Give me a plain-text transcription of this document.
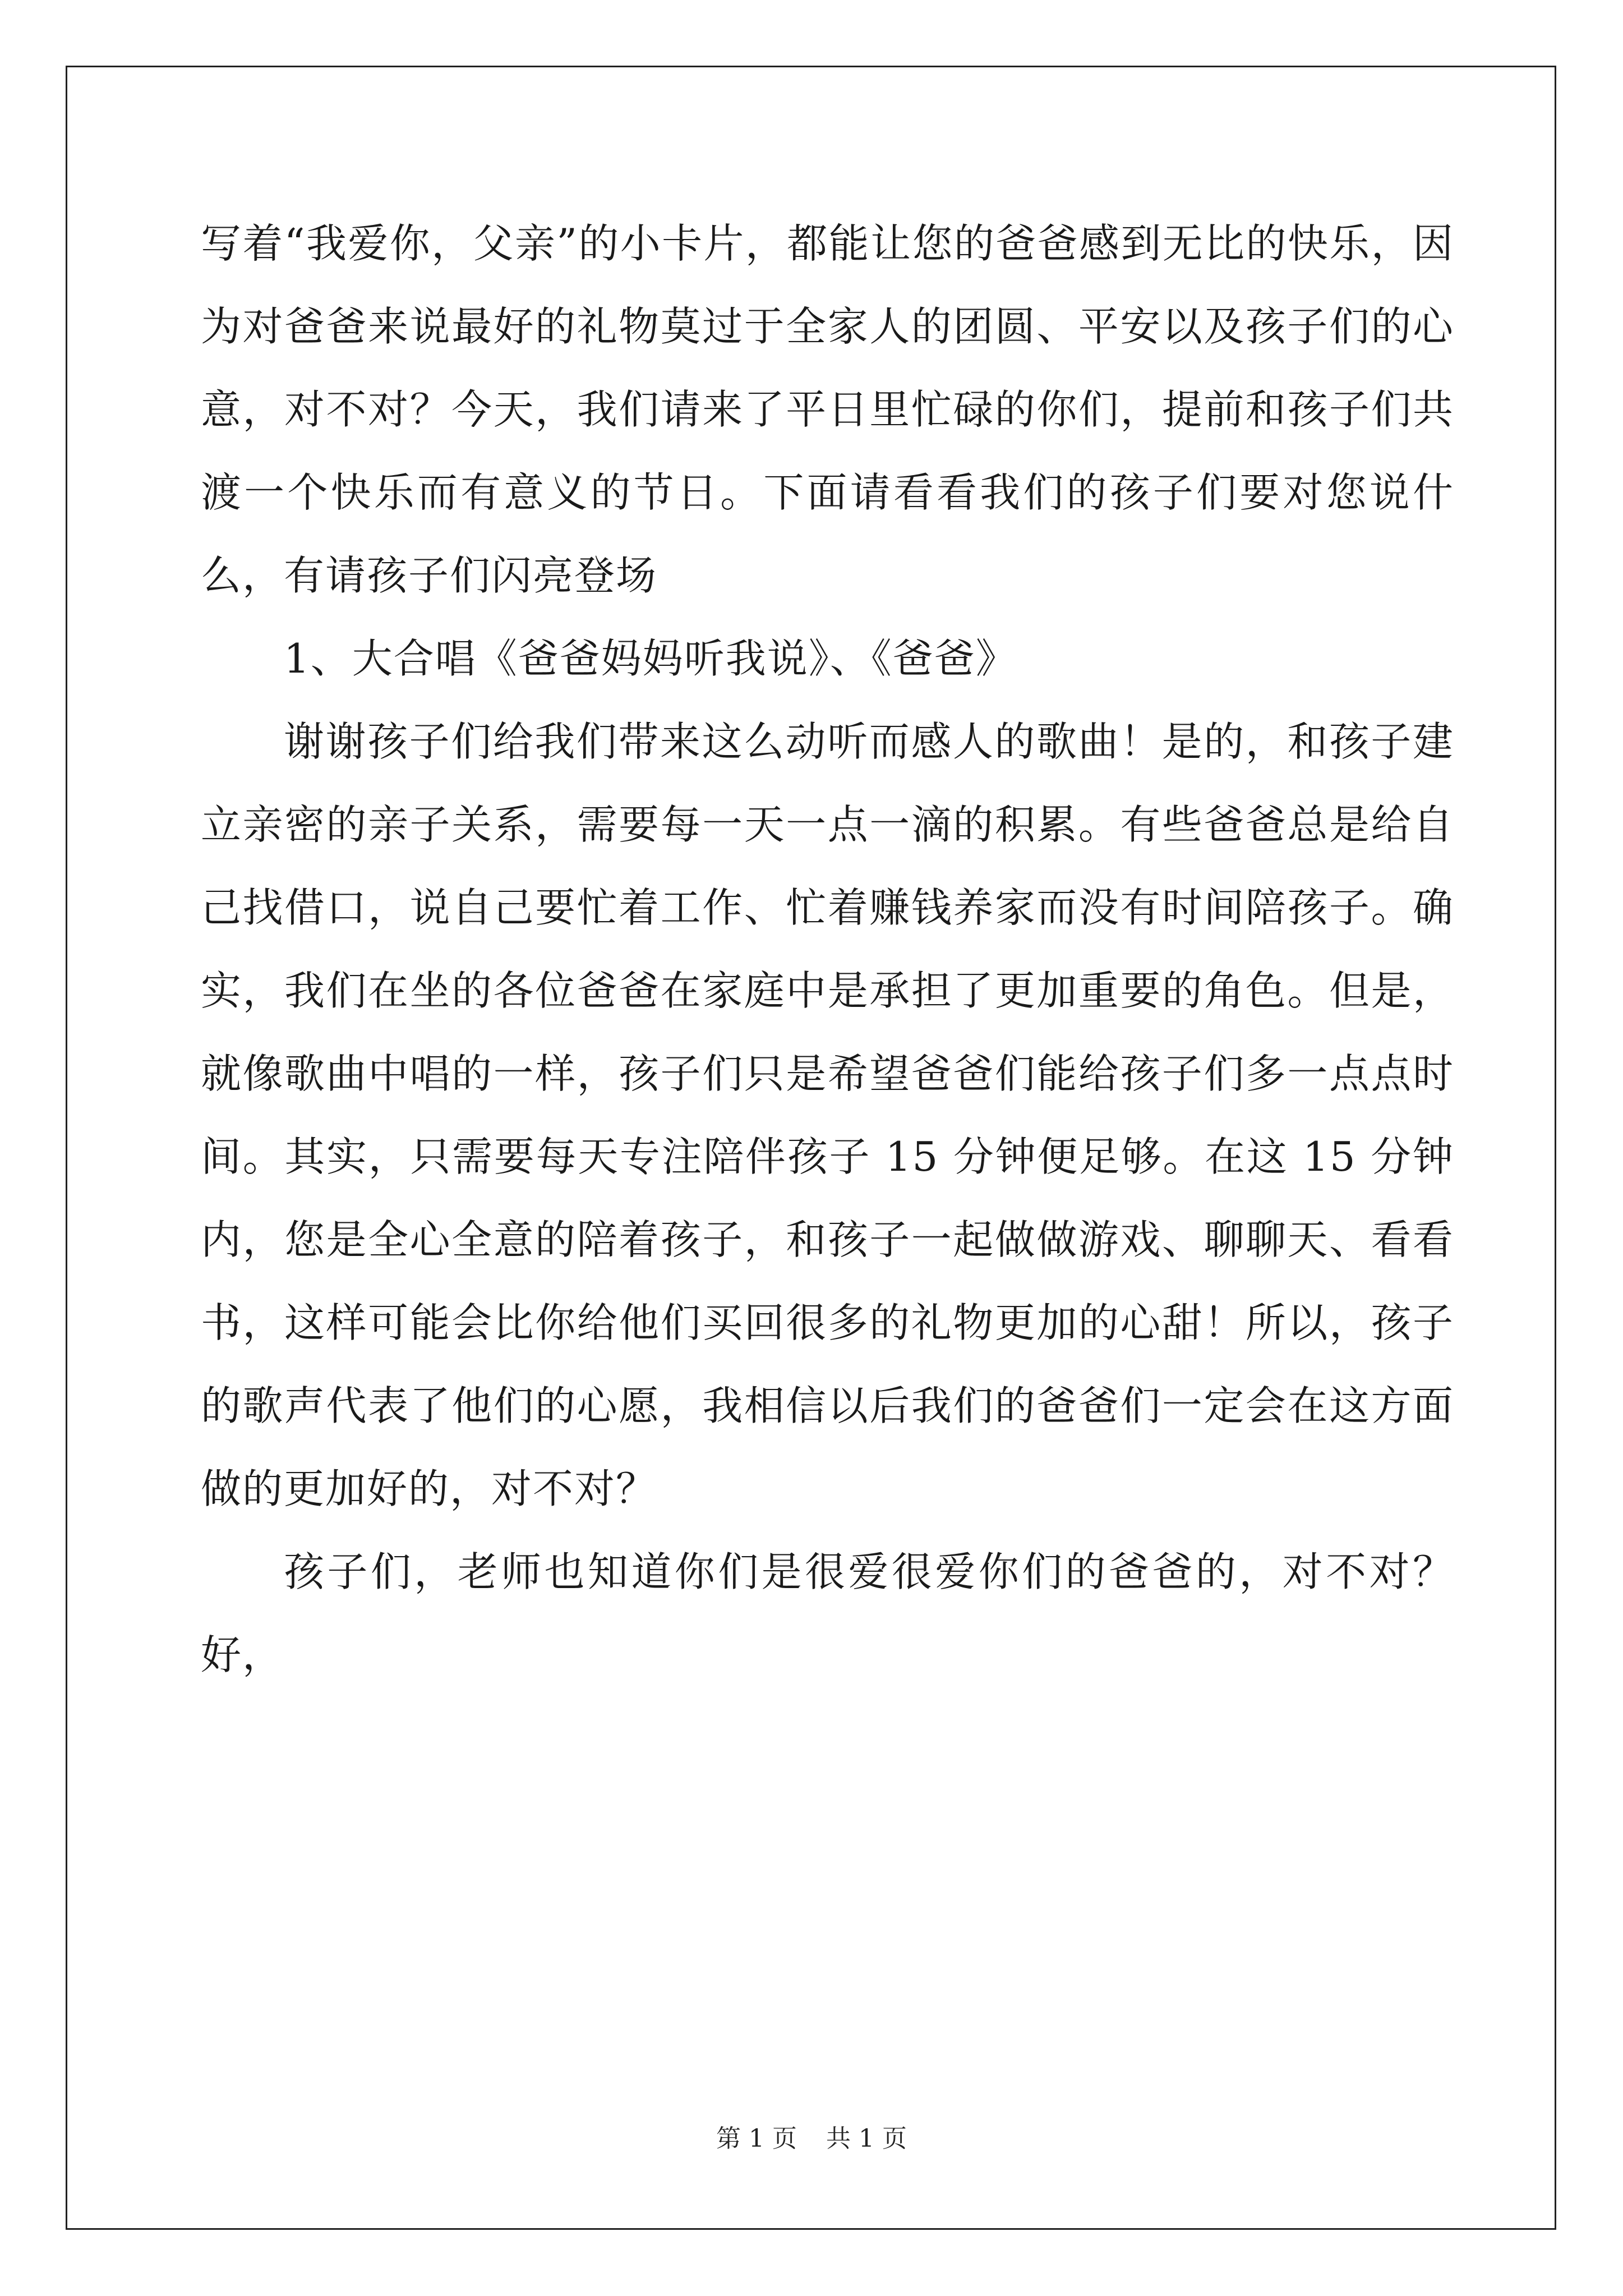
写着“我爱你，父亲”的小卡片，都能让您的爸爸感到无比的快乐，因为对爸爸来说最好的礼物莫过于全家人的团圆、平安以及孩子们的心意，对不对？今天，我们请来了平日里忙碌的你们，提前和孩子们共渡一个快乐而有意义的节日。下面请看看我们的孩子们要对您说什么，有请孩子们闪亮登场

1、大合唱《爸爸妈妈听我说》、《爸爸》

谢谢孩子们给我们带来这么动听而感人的歌曲！是的，和孩子建立亲密的亲子关系，需要每一天一点一滴的积累。有些爸爸总是给自己找借口，说自己要忙着工作、忙着赚钱养家而没有时间陪孩子。确实，我们在坐的各位爸爸在家庭中是承担了更加重要的角色。但是，就像歌曲中唱的一样，孩子们只是希望爸爸们能给孩子们多一点点时间。其实，只需要每天专注陪伴孩子 15 分钟便足够。在这 15 分钟内，您是全心全意的陪着孩子，和孩子一起做做游戏、聊聊天、看看书，这样可能会比你给他们买回很多的礼物更加的心甜！所以，孩子的歌声代表了他们的心愿，我相信以后我们的爸爸们一定会在这方面做的更加好的，对不对？

孩子们，老师也知道你们是很爱很爱你们的爸爸的，对不对？好，

第 1 页 共 1 页
